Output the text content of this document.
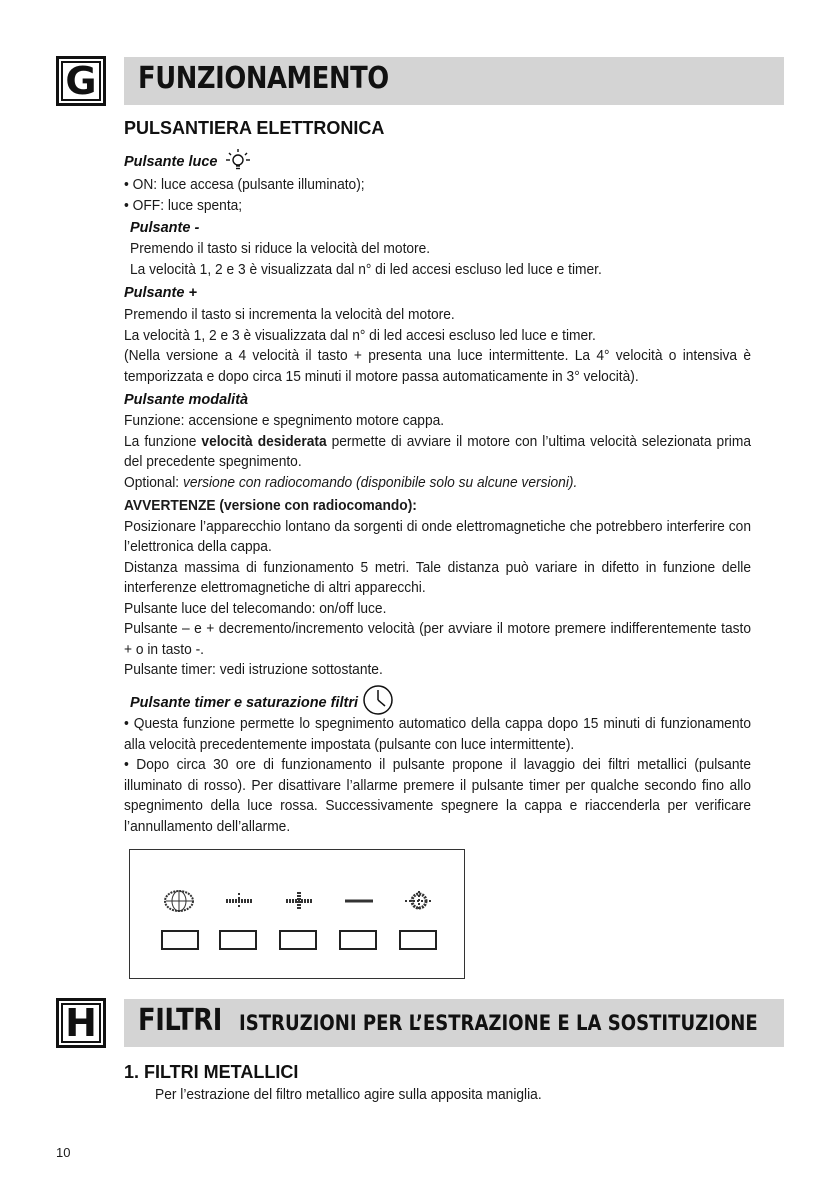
G	FUNZIONAMENTO
PULSANTIERA ELETTRONICA
Pulsante luce
• ON: luce accesa (pulsante illuminato);
• OFF: luce spenta;
Pulsante -
Premendo il tasto si riduce la velocità del motore.
La velocità 1, 2 e 3 è visualizzata dal n° di led accesi escluso led luce e timer.
Pulsante +
Premendo il tasto si incrementa la velocità del motore.
La velocità 1, 2 e 3 è visualizzata dal n° di led accesi escluso led luce e timer.
(Nella versione a 4 velocità il tasto + presenta una luce intermittente. La 4° velocità o intensiva è temporizzata e dopo circa 15 minuti il motore passa automaticamente in 3° velocità).
Pulsante modalità
Funzione: accensione e spegnimento motore cappa.
La funzione velocità desiderata permette di avviare il motore con l’ultima velocità selezionata prima del precedente spegnimento.
Optional: versione con radiocomando (disponibile solo su alcune versioni).
AVVERTENZE (versione con radiocomando):
Posizionare l’apparecchio lontano da sorgenti di onde elettromagnetiche che potrebbero interferire con l’elettronica della cappa.
Distanza massima di funzionamento 5 metri. Tale distanza può variare in difetto in funzione delle interferenze elettromagnetiche di altri apparecchi.
Pulsante luce del telecomando: on/off luce.
Pulsante – e + decremento/incremento velocità (per avviare il motore premere indifferentemente tasto + o in tasto -.
Pulsante timer: vedi istruzione sottostante.
Pulsante timer e saturazione filtri
• Questa funzione permette lo spegnimento automatico della cappa dopo 15 minuti di funzionamento alla velocità precedentemente impostata (pulsante con luce intermittente).
• Dopo circa 30 ore di funzionamento il pulsante propone il lavaggio dei filtri metallici (pulsante illuminato di rosso). Per disattivare l’allarme premere il pulsante timer per qualche secondo fino allo spegnimento della luce rossa. Successivamente spegnere la cappa e riaccenderla per verificare l’annullamento dell’allarme.
H	FILTRI ISTRUZIONI PER L’ESTRAZIONE E LA SOSTITUZIONE
1. FILTRI METALLICI
Per l’estrazione del filtro metallico agire sulla apposita maniglia.
10
